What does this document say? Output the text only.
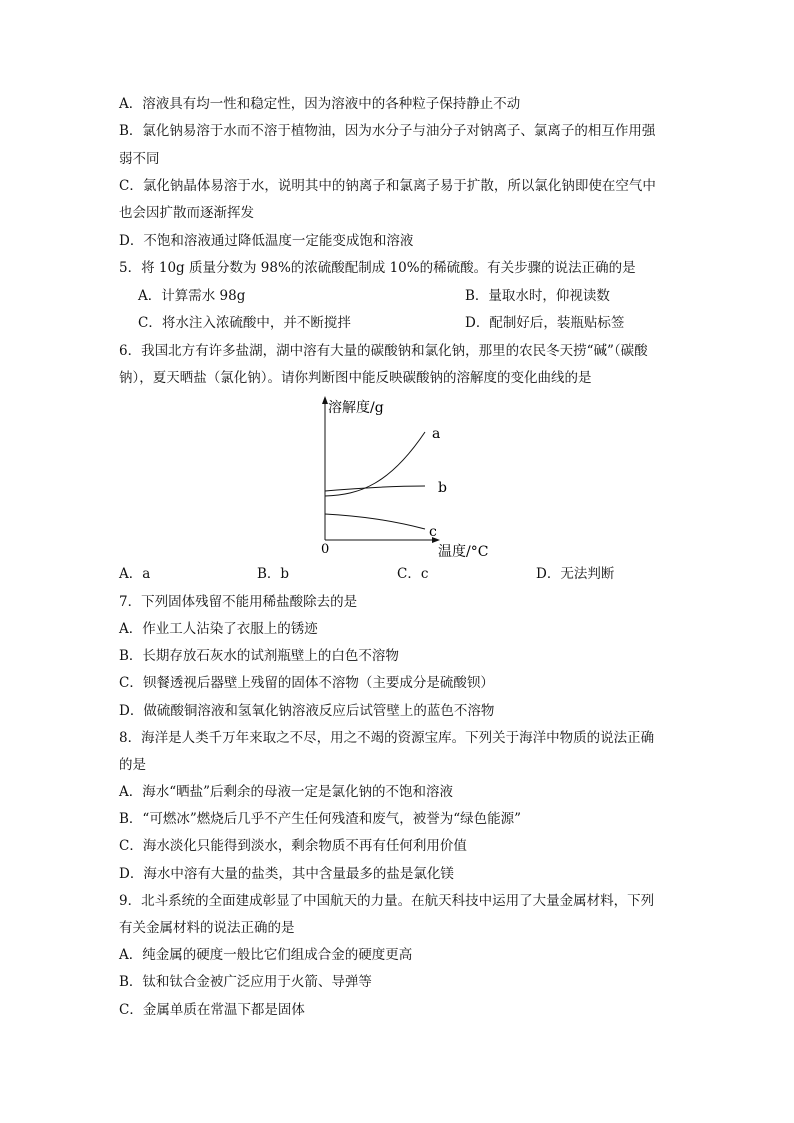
A．溶液具有均一性和稳定性，因为溶液中的各种粒子保持静止不动
B．氯化钠易溶于水而不溶于植物油，因为水分子与油分子对钠离子、氯离子的相互作用强
弱不同
C．氯化钠晶体易溶于水，说明其中的钠离子和氯离子易于扩散，所以氯化钠即使在空气中
也会因扩散而逐渐挥发
D．不饱和溶液通过降低温度一定能变成饱和溶液
5．将 10g 质量分数为 98%的浓硫酸配制成 10%的稀硫酸。有关步骤的说法正确的是
A．计算需水 98g	B．量取水时，仰视读数
C．将水注入浓硫酸中，并不断搅拌	D．配制好后，装瓶贴标签
6．我国北方有许多盐湖，湖中溶有大量的碳酸钠和氯化钠，那里的农民冬天捞“碱”（碳酸
钠），夏天晒盐（氯化钠）。请你判断图中能反映碳酸钠的溶解度的变化曲线的是
溶解度/g
温度/°C
0
a
b
c
A．a	B．b	C．c	D．无法判断
7．下列固体残留不能用稀盐酸除去的是
A．作业工人沾染了衣服上的锈迹
B．长期存放石灰水的试剂瓶壁上的白色不溶物
C．钡餐透视后器壁上残留的固体不溶物（主要成分是硫酸钡）
D．做硫酸铜溶液和氢氧化钠溶液反应后试管壁上的蓝色不溶物
8．海洋是人类千万年来取之不尽，用之不竭的资源宝库。下列关于海洋中物质的说法正确
的是
A．海水“晒盐”后剩余的母液一定是氯化钠的不饱和溶液
B．“可燃冰”燃烧后几乎不产生任何残渣和废气，被誉为“绿色能源”
C．海水淡化只能得到淡水，剩余物质不再有任何利用价值
D．海水中溶有大量的盐类，其中含量最多的盐是氯化镁
9．北斗系统的全面建成彰显了中国航天的力量。在航天科技中运用了大量金属材料，下列
有关金属材料的说法正确的是
A．纯金属的硬度一般比它们组成合金的硬度更高
B．钛和钛合金被广泛应用于火箭、导弹等
C．金属单质在常温下都是固体
